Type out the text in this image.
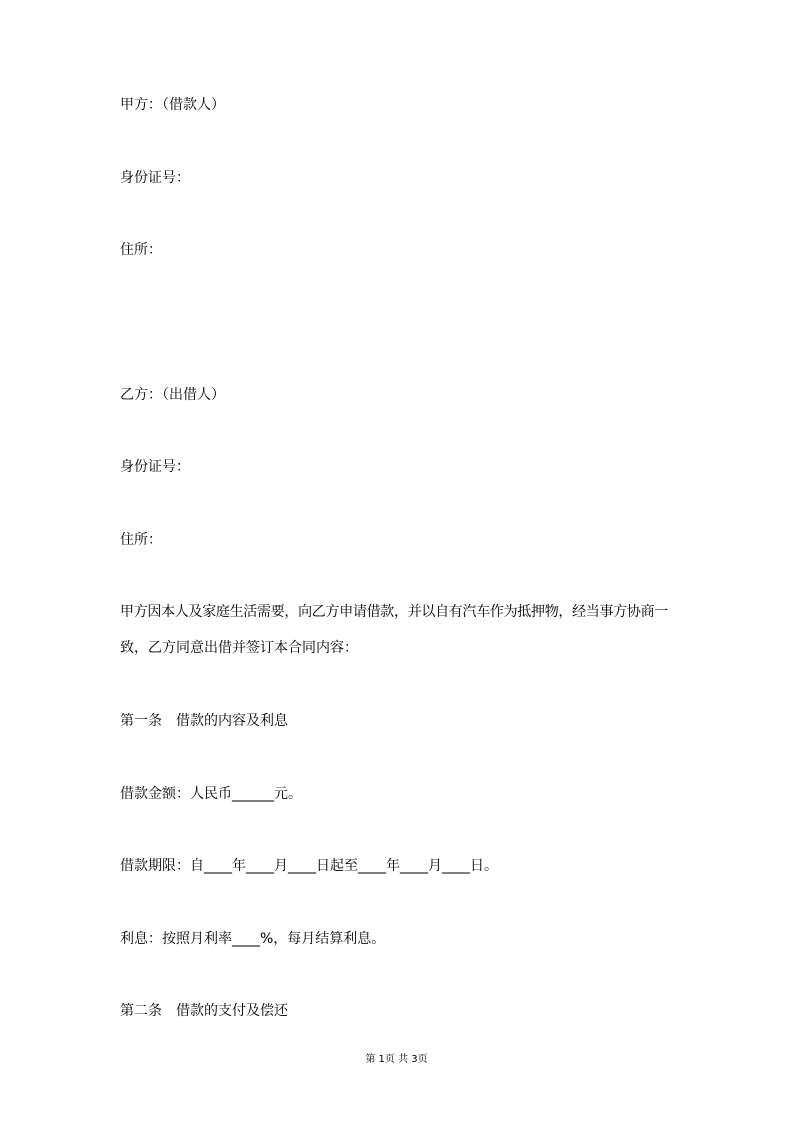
甲方：（借款人）
身份证号：
住所：
乙方：（出借人）
身份证号：
住所：
甲方因本人及家庭生活需要，向乙方申请借款，并以自有汽车作为抵押物，经当事方协商一
致，乙方同意出借并签订本合同内容：
第一条　借款的内容及利息
借款金额：人民币______元。
借款期限：自____年____月____日起至____年____月____日。
利息：按照月利率____%，每月结算利息。
第二条　借款的支付及偿还
第 1页 共 3页
